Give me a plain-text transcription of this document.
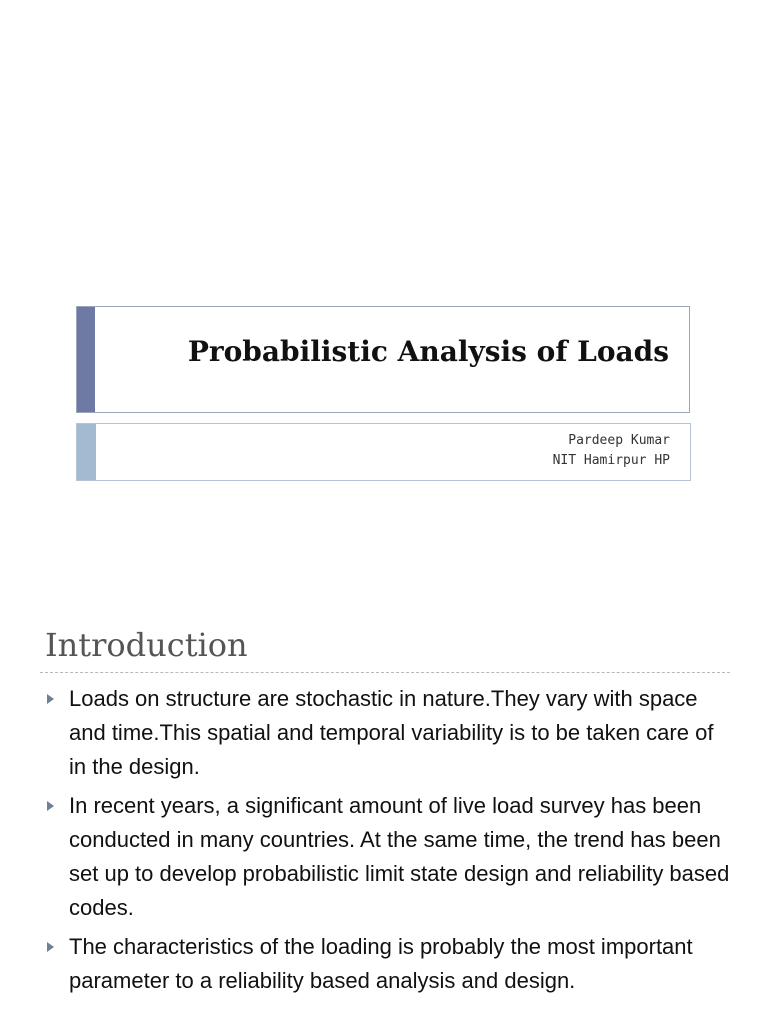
Probabilistic Analysis of Loads
Pardeep Kumar
NIT Hamirpur HP
Introduction
Loads on structure are stochastic in nature.They vary with space and time.This spatial and temporal variability is to be taken care of in the design.
In recent years, a significant amount of live load survey has been conducted in many countries. At the same time, the trend has been set up to develop probabilistic limit state design and reliability based codes.
The characteristics of the loading is probably the most important parameter to a reliability based analysis and design.
